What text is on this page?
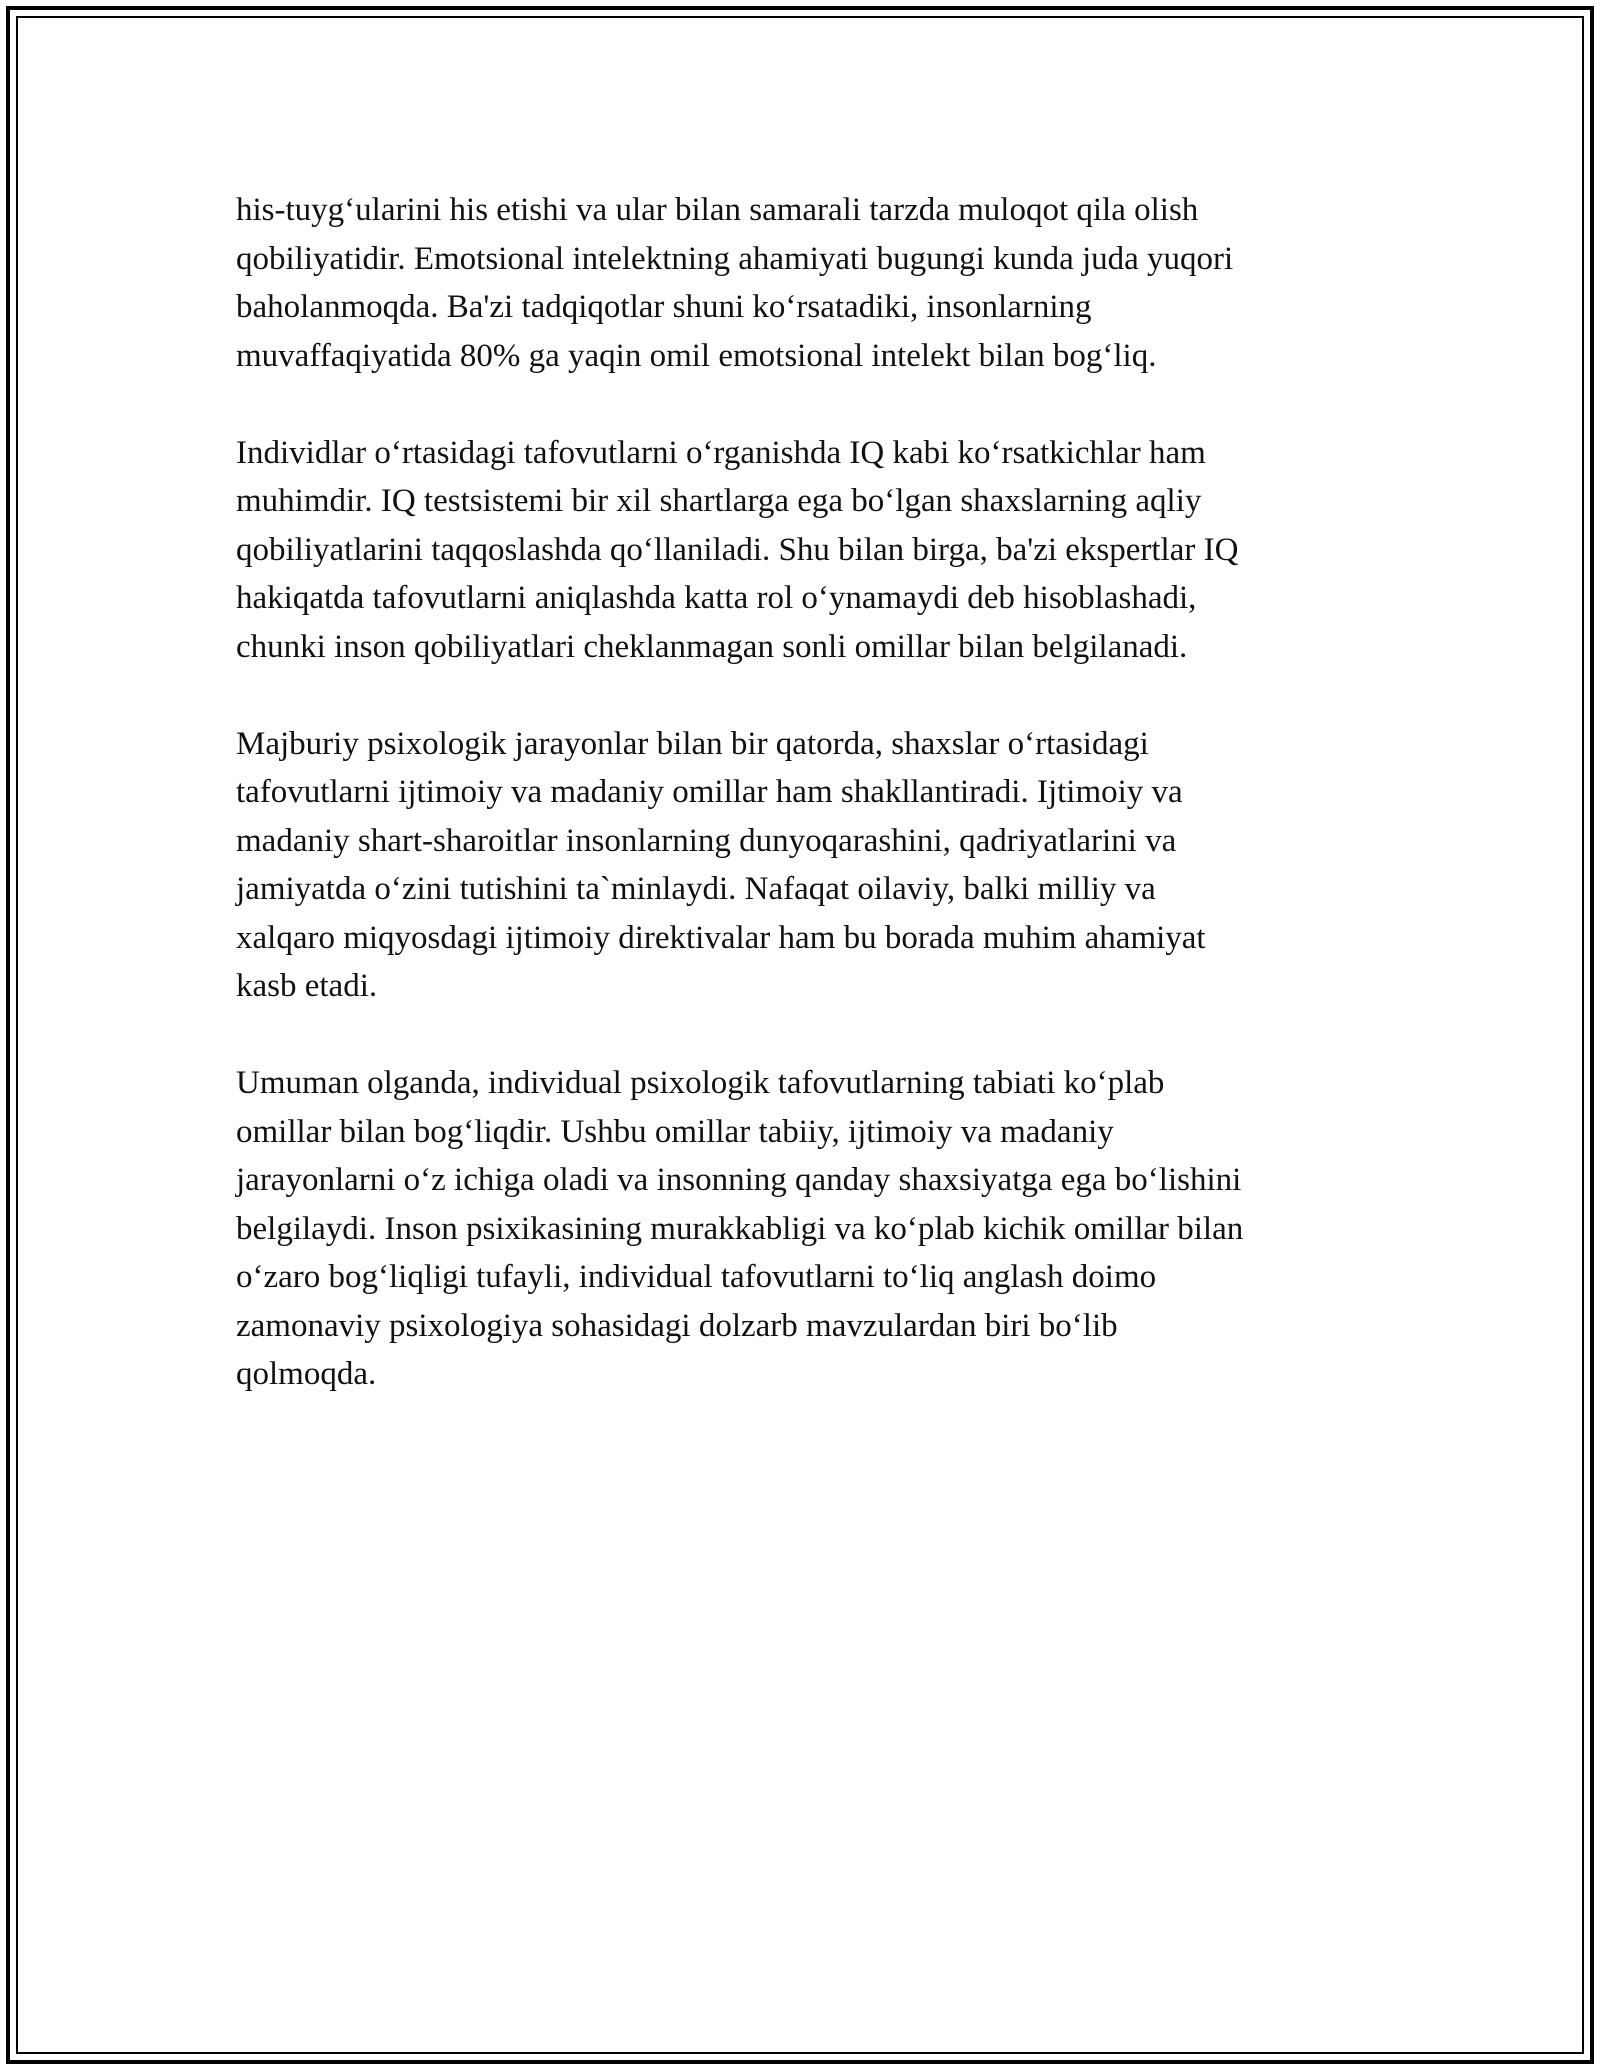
his-tuyg‘ularini his etishi va ular bilan samarali tarzda muloqot qila olish
qobiliyatidir. Emotsional intelektning ahamiyati bugungi kunda juda yuqori
baholanmoqda. Ba'zi tadqiqotlar shuni ko‘rsatadiki, insonlarning
muvaffaqiyatida 80% ga yaqin omil emotsional intelekt bilan bog‘liq.

Individlar o‘rtasidagi tafovutlarni o‘rganishda IQ kabi ko‘rsatkichlar ham
muhimdir. IQ testsistemi bir xil shartlarga ega bo‘lgan shaxslarning aqliy
qobiliyatlarini taqqoslashda qo‘llaniladi. Shu bilan birga, ba'zi ekspertlar IQ
hakiqatda tafovutlarni aniqlashda katta rol o‘ynamaydi deb hisoblashadi,
chunki inson qobiliyatlari cheklanmagan sonli omillar bilan belgilanadi.

Majburiy psixologik jarayonlar bilan bir qatorda, shaxslar o‘rtasidagi
tafovutlarni ijtimoiy va madaniy omillar ham shakllantiradi. Ijtimoiy va
madaniy shart-sharoitlar insonlarning dunyoqarashini, qadriyatlarini va
jamiyatda o‘zini tutishini ta`minlaydi. Nafaqat oilaviy, balki milliy va
xalqaro miqyosdagi ijtimoiy direktivalar ham bu borada muhim ahamiyat
kasb etadi.

Umuman olganda, individual psixologik tafovutlarning tabiati ko‘plab
omillar bilan bog‘liqdir. Ushbu omillar tabiiy, ijtimoiy va madaniy
jarayonlarni o‘z ichiga oladi va insonning qanday shaxsiyatga ega bo‘lishini
belgilaydi. Inson psixikasining murakkabligi va ko‘plab kichik omillar bilan
o‘zaro bog‘liqligi tufayli, individual tafovutlarni to‘liq anglash doimo
zamonaviy psixologiya sohasidagi dolzarb mavzulardan biri bo‘lib
qolmoqda.
